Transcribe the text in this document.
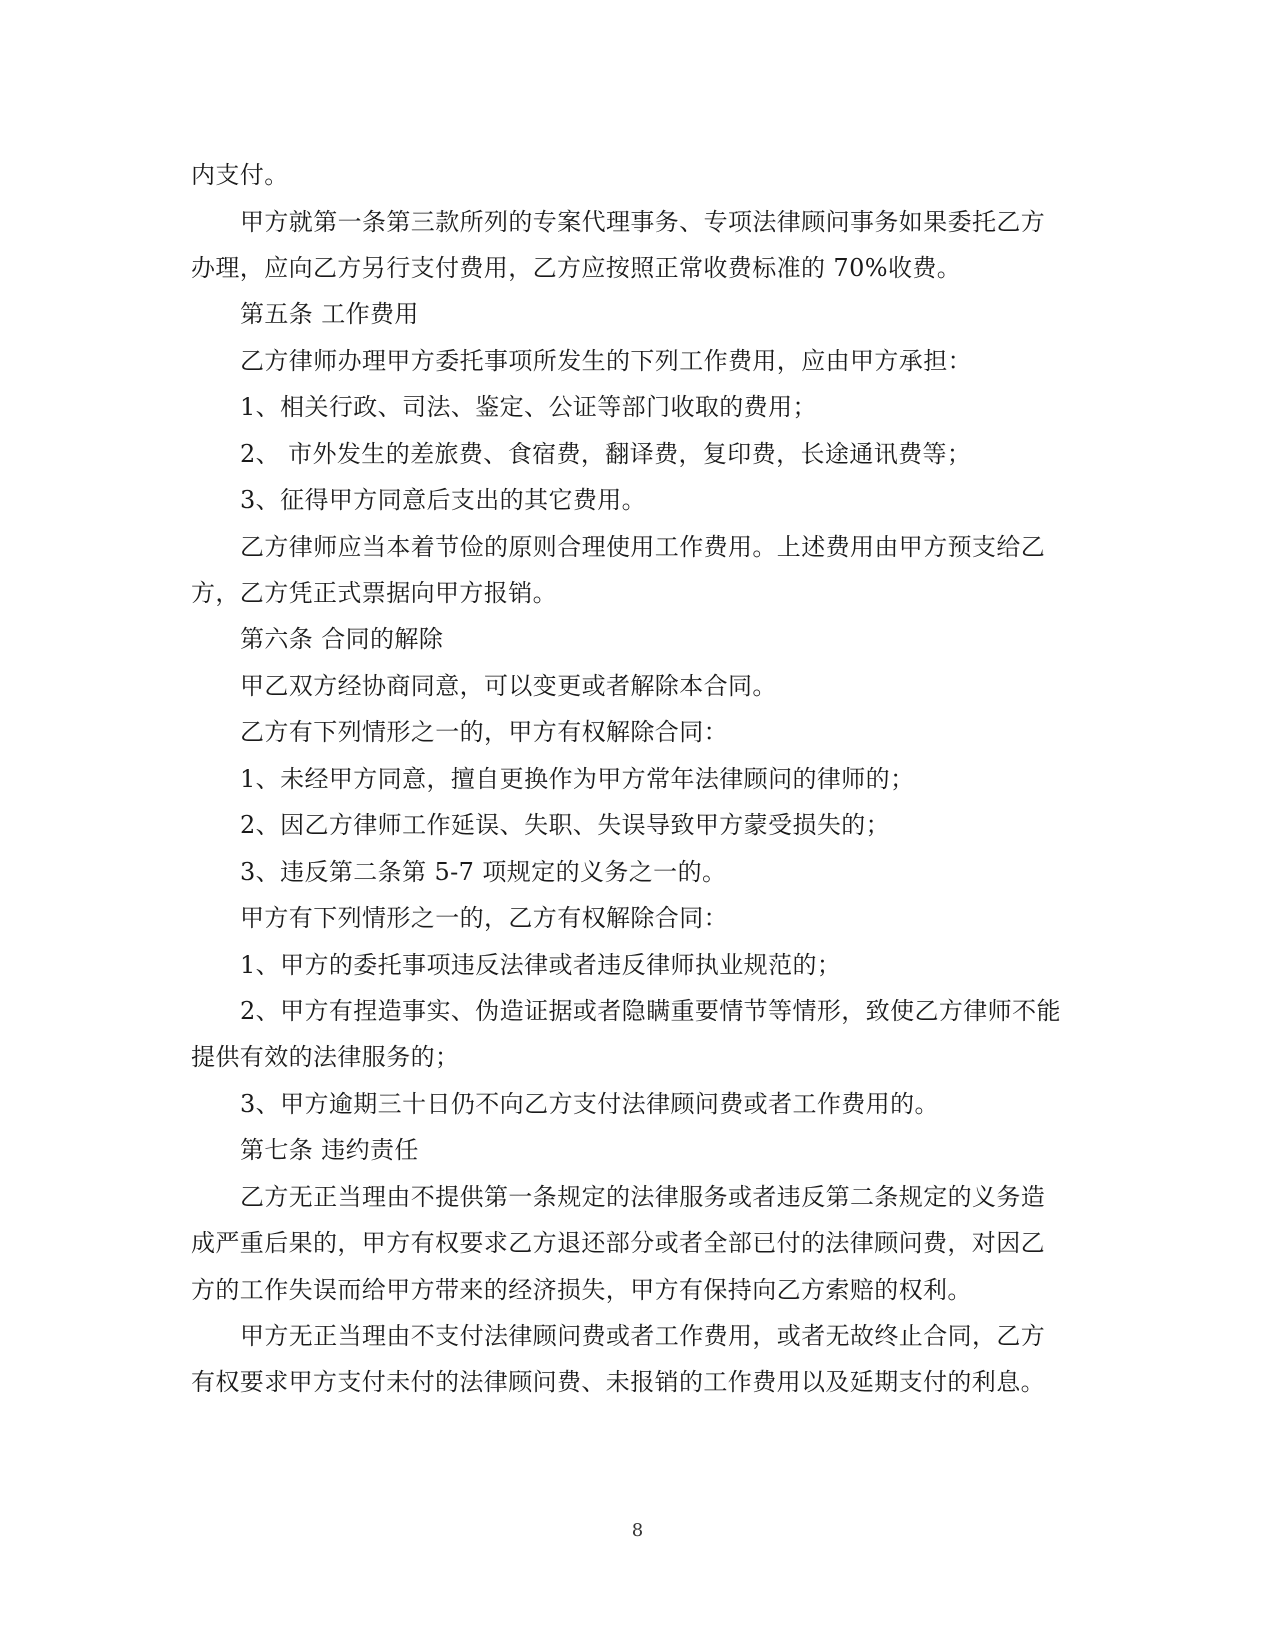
内支付。
甲方就第一条第三款所列的专案代理事务、专项法律顾问事务如果委托乙方
办理，应向乙方另行支付费用，乙方应按照正常收费标准的 70%收费。
第五条 工作费用
乙方律师办理甲方委托事项所发生的下列工作费用，应由甲方承担：
1、相关行政、司法、鉴定、公证等部门收取的费用；
2、 市外发生的差旅费、食宿费，翻译费，复印费，长途通讯费等；
3、征得甲方同意后支出的其它费用。
乙方律师应当本着节俭的原则合理使用工作费用。上述费用由甲方预支给乙
方，乙方凭正式票据向甲方报销。
第六条 合同的解除
甲乙双方经协商同意，可以变更或者解除本合同。
乙方有下列情形之一的，甲方有权解除合同：
1、未经甲方同意，擅自更换作为甲方常年法律顾问的律师的；
2、因乙方律师工作延误、失职、失误导致甲方蒙受损失的；
3、违反第二条第 5-7 项规定的义务之一的。
甲方有下列情形之一的，乙方有权解除合同：
1、甲方的委托事项违反法律或者违反律师执业规范的；
2、甲方有捏造事实、伪造证据或者隐瞒重要情节等情形，致使乙方律师不能
提供有效的法律服务的；
3、甲方逾期三十日仍不向乙方支付法律顾问费或者工作费用的。
第七条 违约责任
乙方无正当理由不提供第一条规定的法律服务或者违反第二条规定的义务造
成严重后果的，甲方有权要求乙方退还部分或者全部已付的法律顾问费，对因乙
方的工作失误而给甲方带来的经济损失，甲方有保持向乙方索赔的权利。
甲方无正当理由不支付法律顾问费或者工作费用，或者无故终止合同，乙方
有权要求甲方支付未付的法律顾问费、未报销的工作费用以及延期支付的利息。
8
